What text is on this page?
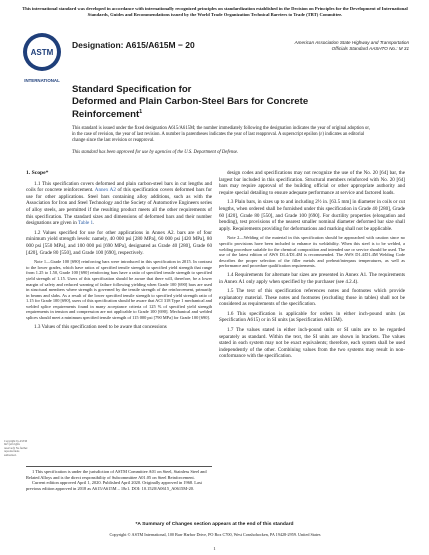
This international standard was developed in accordance with internationally recognized principles on standardization established in the Decision on Principles for the Development of International Standards, Guides and Recommendations issued by the World Trade Organization Technical Barriers to Trade (TBT) Committee.
ASTM
INTERNATIONAL
Designation: A615/A615M − 20	American Association State Highway and Transportation Officials Standard AASHTO No.: M 31
Standard Specification for
Deformed and Plain Carbon-Steel Bars for Concrete Reinforcement$^1$
This standard is issued under the fixed designation A615/A615M; the number immediately following the designation indicates the year of original adoption or, in the case of revision, the year of last revision. A number in parentheses indicates the year of last reapproval. A superscript epsilon (ε) indicates an editorial change since the last revision or reapproval.
This standard has been approved for use by agencies of the U.S. Department of Defense.
1. Scope*

1.1 This specification covers deformed and plain carbon-steel bars in cut lengths and coils for concrete reinforcement. Annex A2 of this specification covers deformed bars for use for other applications. Steel bars containing alloy additions, such as with the Association for Iron and Steel Technology and the Society of Automotive Engineers series of alloy steels, are permitted if the resulting product meets all the other requirements of this specification. The standard sizes and dimensions of deformed bars and their number designations are given in Table 1.

1.2 Values specified for use for other applications in Annex A2. bars are of four minimum yield strength levels: namely, 40 000 psi [280 MPa], 60 000 psi [420 MPa], 80 000 psi [550 MPa], and 100 000 psi [690 MPa], designated as Grade 40 [280], Grade 60 [420], Grade 80 [550], and Grade 100 [690], respectively.

Note 1—Grade 100 [690] reinforcing bars were introduced in this specification in 2015. In contrast to the lower grades, which have ratios of specified tensile strength to specified yield strength that range from 1.25 to 1.50, Grade 100 [690] reinforcing bars have a ratio of specified tensile strength to specified yield strength of 1.15. Users of this specification should be aware that there will, therefore, be a lower margin of safety and reduced warning of failure following yielding when Grade 100 [690] bars are used in structural members where strength is governed by the tensile strength of the reinforcement, primarily in beams and slabs. As a result of the lower specified tensile strength to specified yield strength ratio of 1.15 for Grade 100 [690], users of this specification should be aware that ACI 318 Type 1 mechanical and welded splice requirements found in many acceptance criteria of 125 % of specified yield strength requirements in tension and compression are not applicable to Grade 100 [690]. Mechanical and welded splices should meet a minimum specified tensile strength of 115 000 psi [790 MPa] for Grade 100 [690].

1.3 Values of this specification need to be aware that concessions

1 This specification is under the jurisdiction of ASTM Committee A01 on Steel, Stainless Steel and Related Alloys and is the direct responsibility of Subcommittee A01.05 on Steel Reinforcement.

Current edition approved April 1, 2020. Published April 2020. Originally approved in 1968. Last previous edition approved in 2018 as A615/A615M – 18ε1. DOI: 10.1520/A0615_A0615M-20.

design codes and specifications may not recognize the use of the No. 20 [64] bar, the largest bar included in this specification. Structural members reinforced with No. 20 [64] bars may require approval of the building official or other appropriate authority and require special detailing to ensure adequate performance at service and factored loads.

1.3 Plain bars, in sizes up to and including 2½ in. [63.5 mm] in diameter in coils or cut lengths, when ordered shall be furnished under this specification in Grade 40 [280], Grade 60 [420], Grade 80 [550], and Grade 100 [690]. For ductility properties (elongation and bending), test provisions of the nearest smaller nominal diameter deformed bar size shall apply. Requirements providing for deformations and marking shall not be applicable.

Note 2—Welding of the material in this specification should be approached with caution since no specific provisions have been included to enhance its weldability. When this steel is to be welded, a welding procedure suitable for the chemical composition and intended use or service should be used. The use of the latest edition of AWS D1.4/D1.4M is recommended. The AWS D1.4/D1.4M Welding Code describes the proper selection of the filler metals and preheat/interpass temperatures, as well as performance and procedure qualification requirements.

1.4 Requirements for alternate bar sizes are presented in Annex A1. The requirements in Annex A1 only apply when specified by the purchaser (see 4.2.4).

1.5 The text of this specification references notes and footnotes which provide explanatory material. These notes and footnotes (excluding those in tables) shall not be considered as requirements of the specification.

1.6 This specification is applicable for orders in either inch-pound units (as Specification A615) or in SI units (as Specification A615M).

1.7 The values stated in either inch-pound units or SI units are to be regarded separately as standard. Within the text, the SI units are shown in brackets. The values stated in each system may not be exact equivalents; therefore, each system shall be used independently of the other. Combining values from the two systems may result in non-conformance with the specification.

Copyright by ASTM Int'l (all rights reserved); No further reproductions authorized.
*A Summary of Changes section appears at the end of this standard
Copyright © ASTM International, 100 Barr Harbor Drive, PO Box C700, West Conshohocken, PA 19428-2959. United States
1
